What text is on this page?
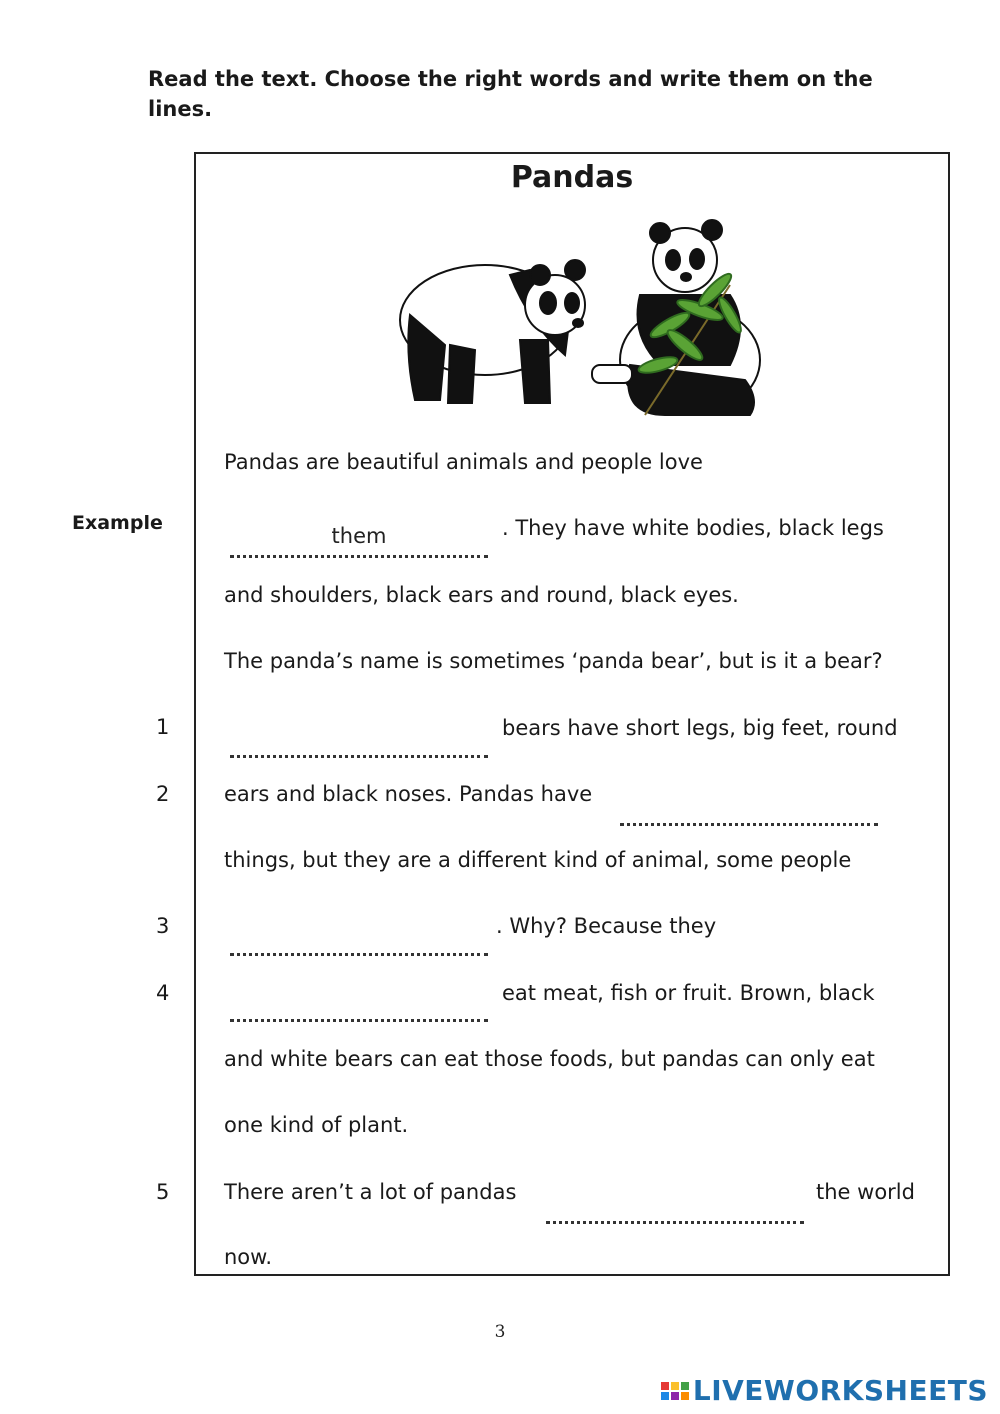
Read the text. Choose the right words and write them on the lines.
Pandas
Pandas are beautiful animals and people love
Example
them	. They have white bodies, black legs
and shoulders, black ears and round, black eyes.
The panda’s name is sometimes ‘panda bear’, but is it a bear?
1	bears have short legs, big feet, round
2	ears and black noses. Pandas have
things, but they are a different kind of animal, some people
3	. Why? Because they
4	eat meat, fish or fruit. Brown, black
and white bears can eat those foods, but pandas can only eat
one kind of plant.
5	There aren’t a lot of pandas	the world
now.
3
LIVEWORKSHEETS
